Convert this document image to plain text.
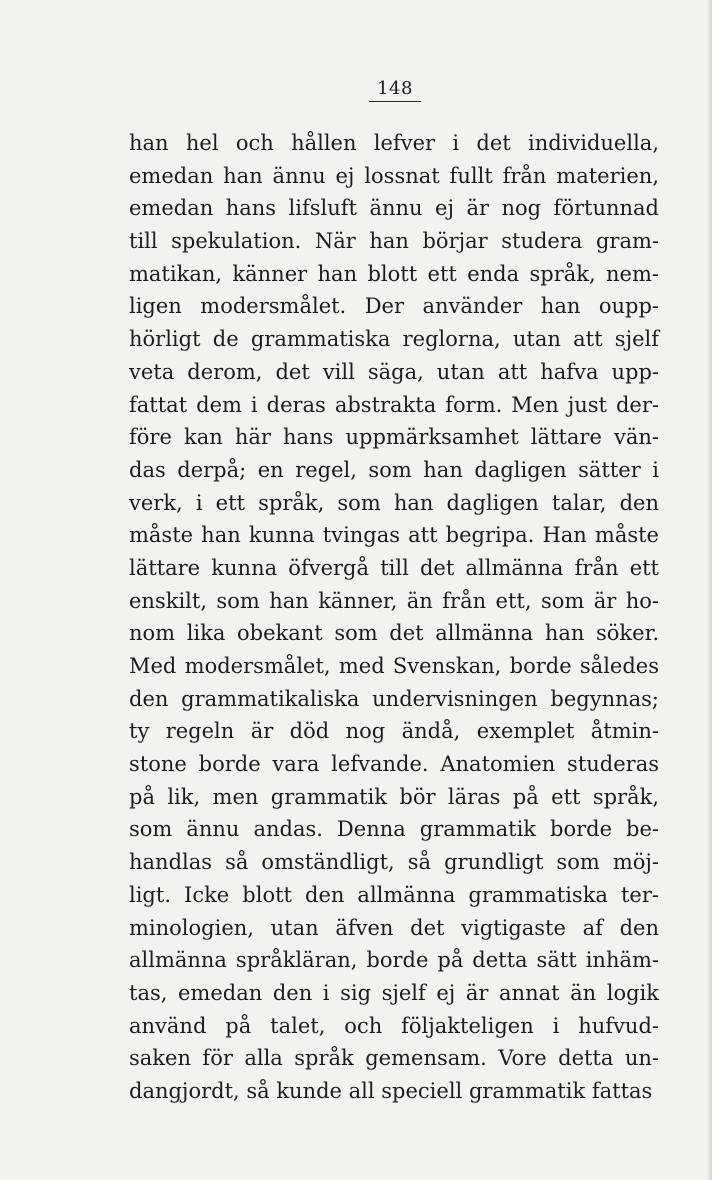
148
han hel och hållen lefver i det individuella,
emedan han ännu ej lossnat fullt från materien,
emedan hans lifsluft ännu ej är nog förtunnad
till spekulation. När han börjar studera gram-
matikan, känner han blott ett enda språk, nem-
ligen modersmålet. Der använder han oupp-
hörligt de grammatiska reglorna, utan att sjelf
veta derom, det vill säga, utan att hafva upp-
fattat dem i deras abstrakta form. Men just der-
före kan här hans uppmärksamhet lättare vän-
das derpå; en regel, som han dagligen sätter i
verk, i ett språk, som han dagligen talar, den
måste han kunna tvingas att begripa. Han måste
lättare kunna öfvergå till det allmänna från ett
enskilt, som han känner, än från ett, som är ho-
nom lika obekant som det allmänna han söker.
Med modersmålet, med Svenskan, borde således
den grammatikaliska undervisningen begynnas;
ty regeln är död nog ändå, exemplet åtmin-
stone borde vara lefvande. Anatomien studeras
på lik, men grammatik bör läras på ett språk,
som ännu andas. Denna grammatik borde be-
handlas så omständligt, så grundligt som möj-
ligt. Icke blott den allmänna grammatiska ter-
minologien, utan äfven det vigtigaste af den
allmänna språkläran, borde på detta sätt inhäm-
tas, emedan den i sig sjelf ej är annat än logik
använd på talet, och följakteligen i hufvud-
saken för alla språk gemensam. Vore detta un-
dangjordt, så kunde all speciell grammatik fattas
